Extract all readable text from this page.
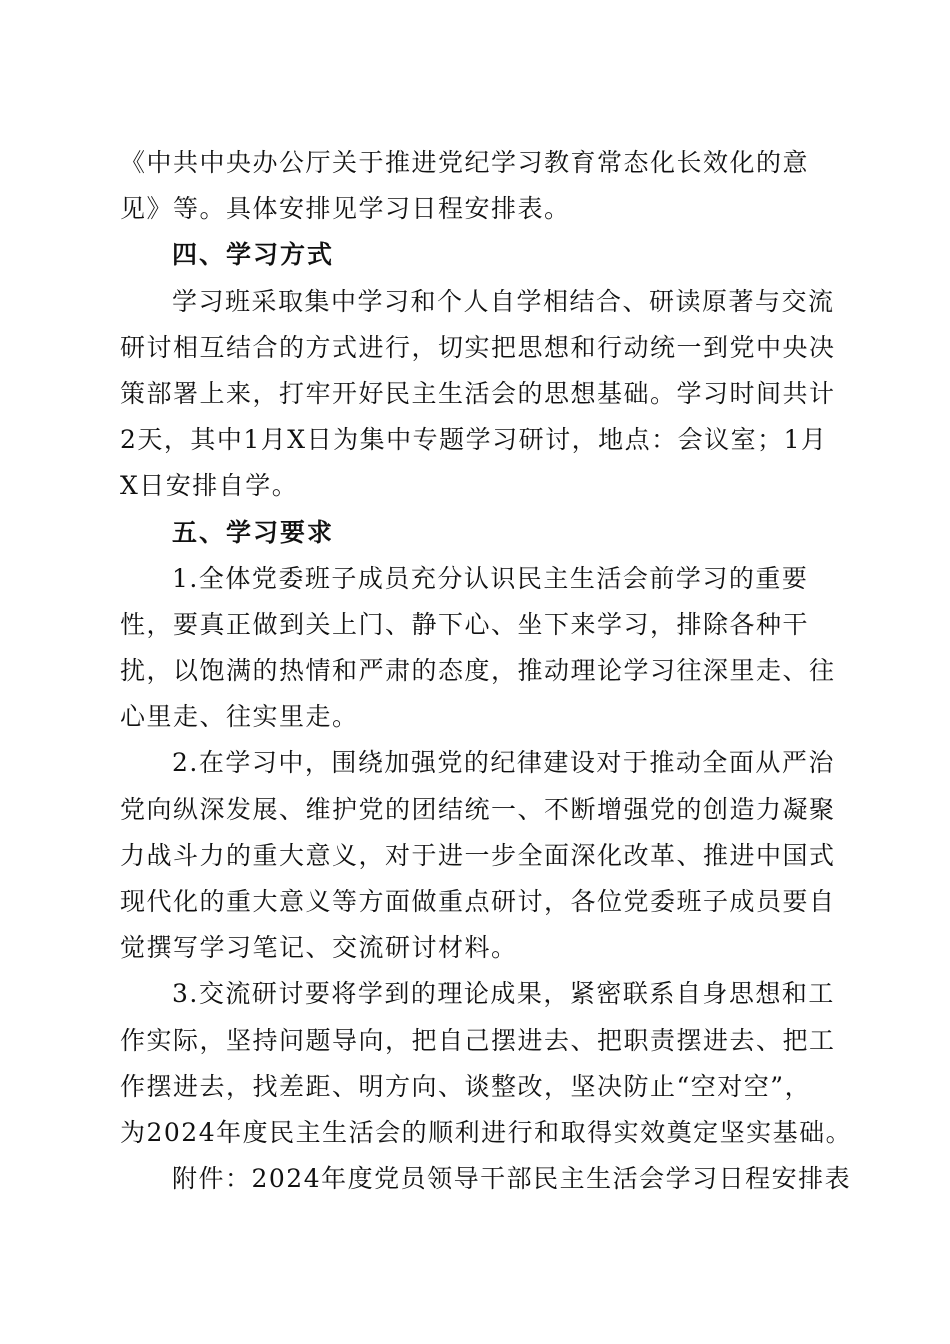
《中共中央办公厅关于推进党纪学习教育常态化长效化的意
见》等。具体安排见学习日程安排表。
四、学习方式
学习班采取集中学习和个人自学相结合、研读原著与交流
研讨相互结合的方式进行，切实把思想和行动统一到党中央决
策部署上来，打牢开好民主生活会的思想基础。学习时间共计
2天，其中1月X日为集中专题学习研讨，地点：会议室；1月
X日安排自学。
五、学习要求
1.全体党委班子成员充分认识民主生活会前学习的重要
性，要真正做到关上门、静下心、坐下来学习，排除各种干
扰，以饱满的热情和严肃的态度，推动理论学习往深里走、往
心里走、往实里走。
2.在学习中，围绕加强党的纪律建设对于推动全面从严治
党向纵深发展、维护党的团结统一、不断增强党的创造力凝聚
力战斗力的重大意义，对于进一步全面深化改革、推进中国式
现代化的重大意义等方面做重点研讨，各位党委班子成员要自
觉撰写学习笔记、交流研讨材料。
3.交流研讨要将学到的理论成果，紧密联系自身思想和工
作实际，坚持问题导向，把自己摆进去、把职责摆进去、把工
作摆进去，找差距、明方向、谈整改，坚决防止“空对空”，
为2024年度民主生活会的顺利进行和取得实效奠定坚实基础。
附件：2024年度党员领导干部民主生活会学习日程安排表
